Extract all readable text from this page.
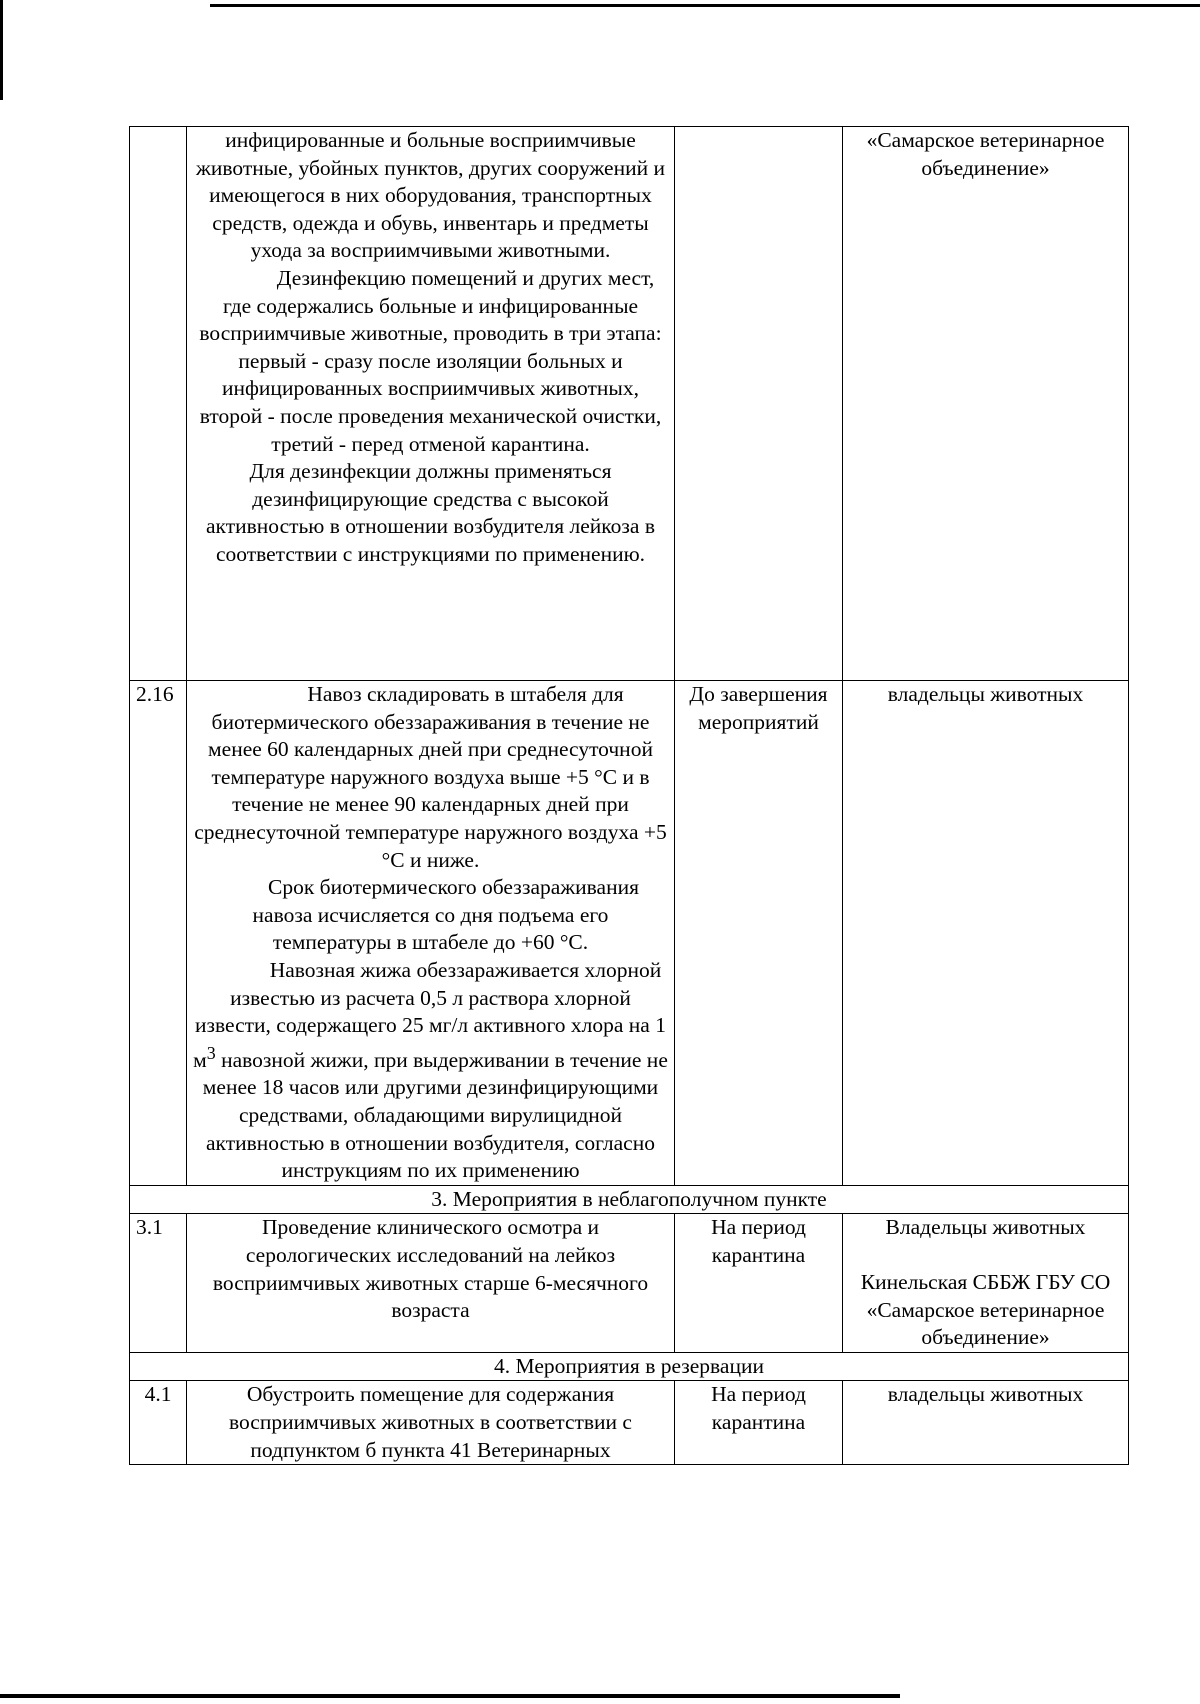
	инфицированные и больные восприимчивые животные, убойных пунктов, других сооружений и имеющегося в них оборудования, транспортных средств, одежда и обувь, инвентарь и предметы ухода за восприимчивыми животными.
Дезинфекцию помещений и других мест, где содержались больные и инфицированные восприимчивые животные, проводить в три этапа: первый - сразу после изоляции больных и инфицированных восприимчивых животных, второй - после проведения механической очистки, третий - перед отменой карантина.
Для дезинфекции должны применяться дезинфицирующие средства с высокой активностью в отношении возбудителя лейкоза в соответствии с инструкциями по применению.		«Самарское ветеринарное объединение»
2.16	Навоз складировать в штабеля для биотермического обеззараживания в течение не менее 60 календарных дней при среднесуточной температуре наружного воздуха выше +5 °С и в течение не менее 90 календарных дней при среднесуточной температуре наружного воздуха +5 °С и ниже.
Срок биотермического обеззараживания навоза исчисляется со дня подъема его температуры в штабеле до +60 °С.
Навозная жижа обеззараживается хлорной известью из расчета 0,5 л раствора хлорной извести, содержащего 25 мг/л активного хлора на 1 $м^3$ навозной жижи, при выдерживании в течение не менее 18 часов или другими дезинфицирующими средствами, обладающими вирулицидной активностью в отношении возбудителя, согласно инструкциям по их применению	До завершения мероприятий	владельцы животных
3. Мероприятия в неблагополучном пункте			
3.1	Проведение клинического осмотра и серологических исследований на лейкоз восприимчивых животных старше 6-месячного возраста	На период карантина	Владельцы животных
Кинельская СББЖ ГБУ СО «Самарское ветеринарное объединение»

4. Мероприятия в резервации			
4.1	Обустроить помещение для содержания восприимчивых животных в соответствии с подпунктом б пункта 41 Ветеринарных	На период карантина	владельцы животных
